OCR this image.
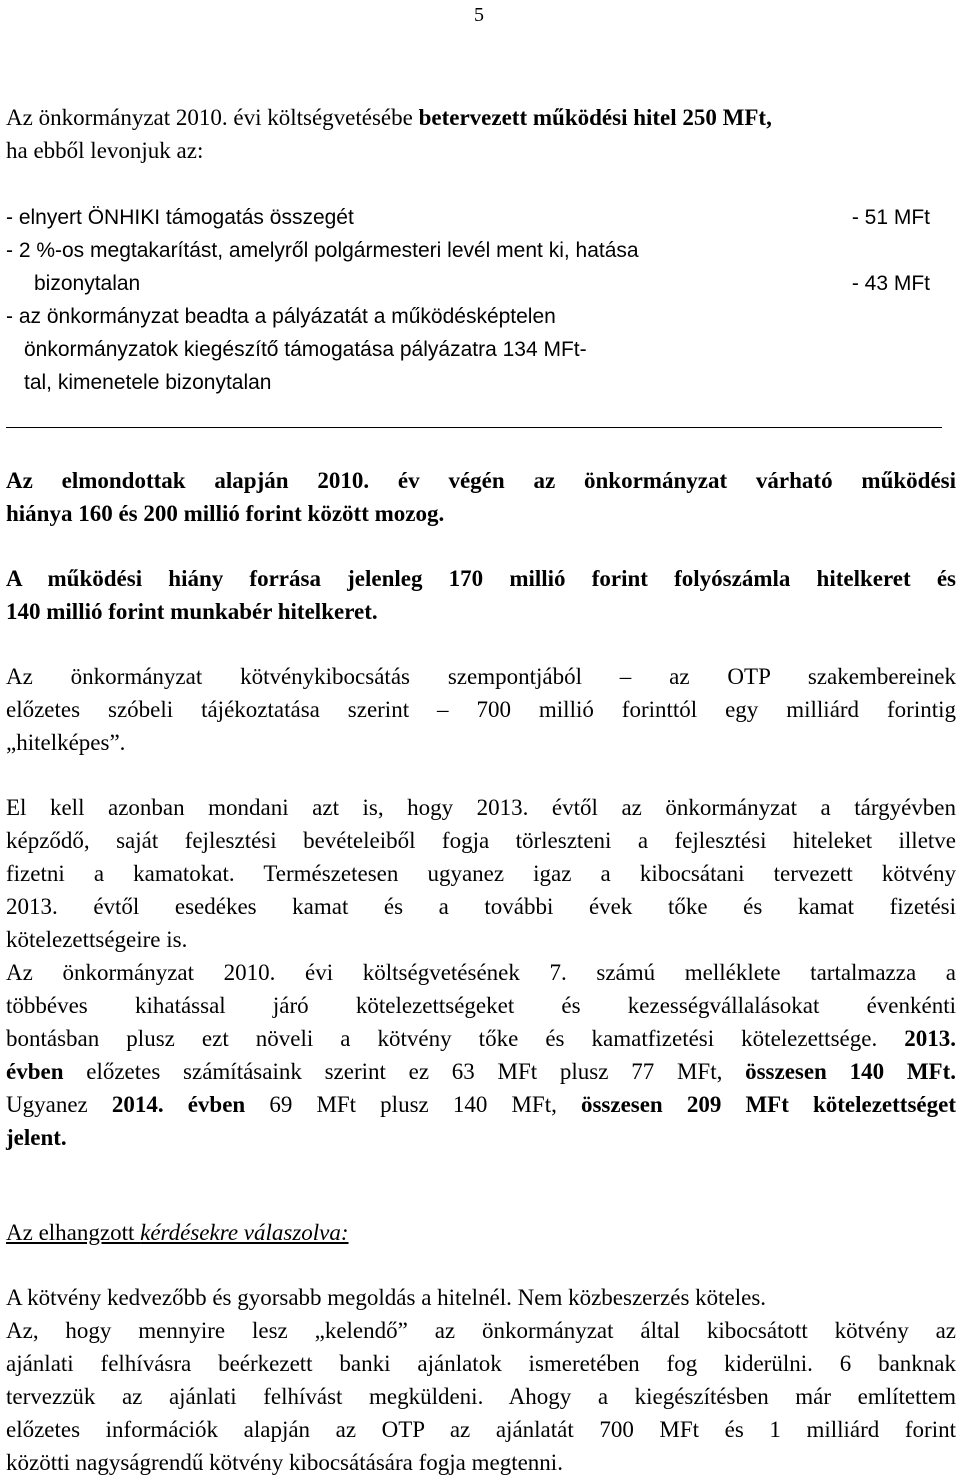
5
Az önkormányzat 2010. évi költségvetésébe betervezett működési hitel 250 MFt,
ha ebből levonjuk az:
- elnyert ÖNHIKI támogatás összegét	- 51 MFt
- 2 %-os megtakarítást, amelyről polgármesteri levél ment ki, hatása
bizonytalan	- 43 MFt
- az önkormányzat beadta a pályázatát a működésképtelen
önkormányzatok kiegészítő támogatása pályázatra 134 MFt-
tal, kimenetele bizonytalan
Az elmondottak alapján 2010. év végén az önkormányzat várható működési
hiánya 160 és 200 millió forint között mozog.
A működési hiány forrása jelenleg 170 millió forint folyószámla hitelkeret és
140 millió forint munkabér hitelkeret.
Az önkormányzat kötvénykibocsátás szempontjából – az OTP szakembereinek
előzetes szóbeli tájékoztatása szerint – 700 millió forinttól egy milliárd forintig
„hitelképes”.
El kell azonban mondani azt is, hogy 2013. évtől az önkormányzat a tárgyévben
képződő, saját fejlesztési bevételeiből fogja törleszteni a fejlesztési hiteleket illetve
fizetni a kamatokat. Természetesen ugyanez igaz a kibocsátani tervezett kötvény
2013. évtől esedékes kamat és a további évek tőke és kamat fizetési
kötelezettségeire is.
Az önkormányzat 2010. évi költségvetésének 7. számú melléklete tartalmazza a
többéves kihatással járó kötelezettségeket és kezességvállalásokat évenkénti
bontásban plusz ezt növeli a kötvény tőke és kamatfizetési kötelezettsége. 2013.
évben előzetes számításaink szerint ez 63 MFt plusz 77 MFt, összesen 140 MFt.
Ugyanez 2014. évben 69 MFt plusz 140 MFt, összesen 209 MFt kötelezettséget
jelent.
Az elhangzott kérdésekre válaszolva:
A kötvény kedvezőbb és gyorsabb megoldás a hitelnél. Nem közbeszerzés köteles.
Az, hogy mennyire lesz „kelendő” az önkormányzat által kibocsátott kötvény az
ajánlati felhívásra beérkezett banki ajánlatok ismeretében fog kiderülni. 6 banknak
tervezzük az ajánlati felhívást megküldeni. Ahogy a kiegészítésben már említettem
előzetes információk alapján az OTP az ajánlatát 700 MFt és 1 milliárd forint
közötti nagyságrendű kötvény kibocsátására fogja megtenni.
